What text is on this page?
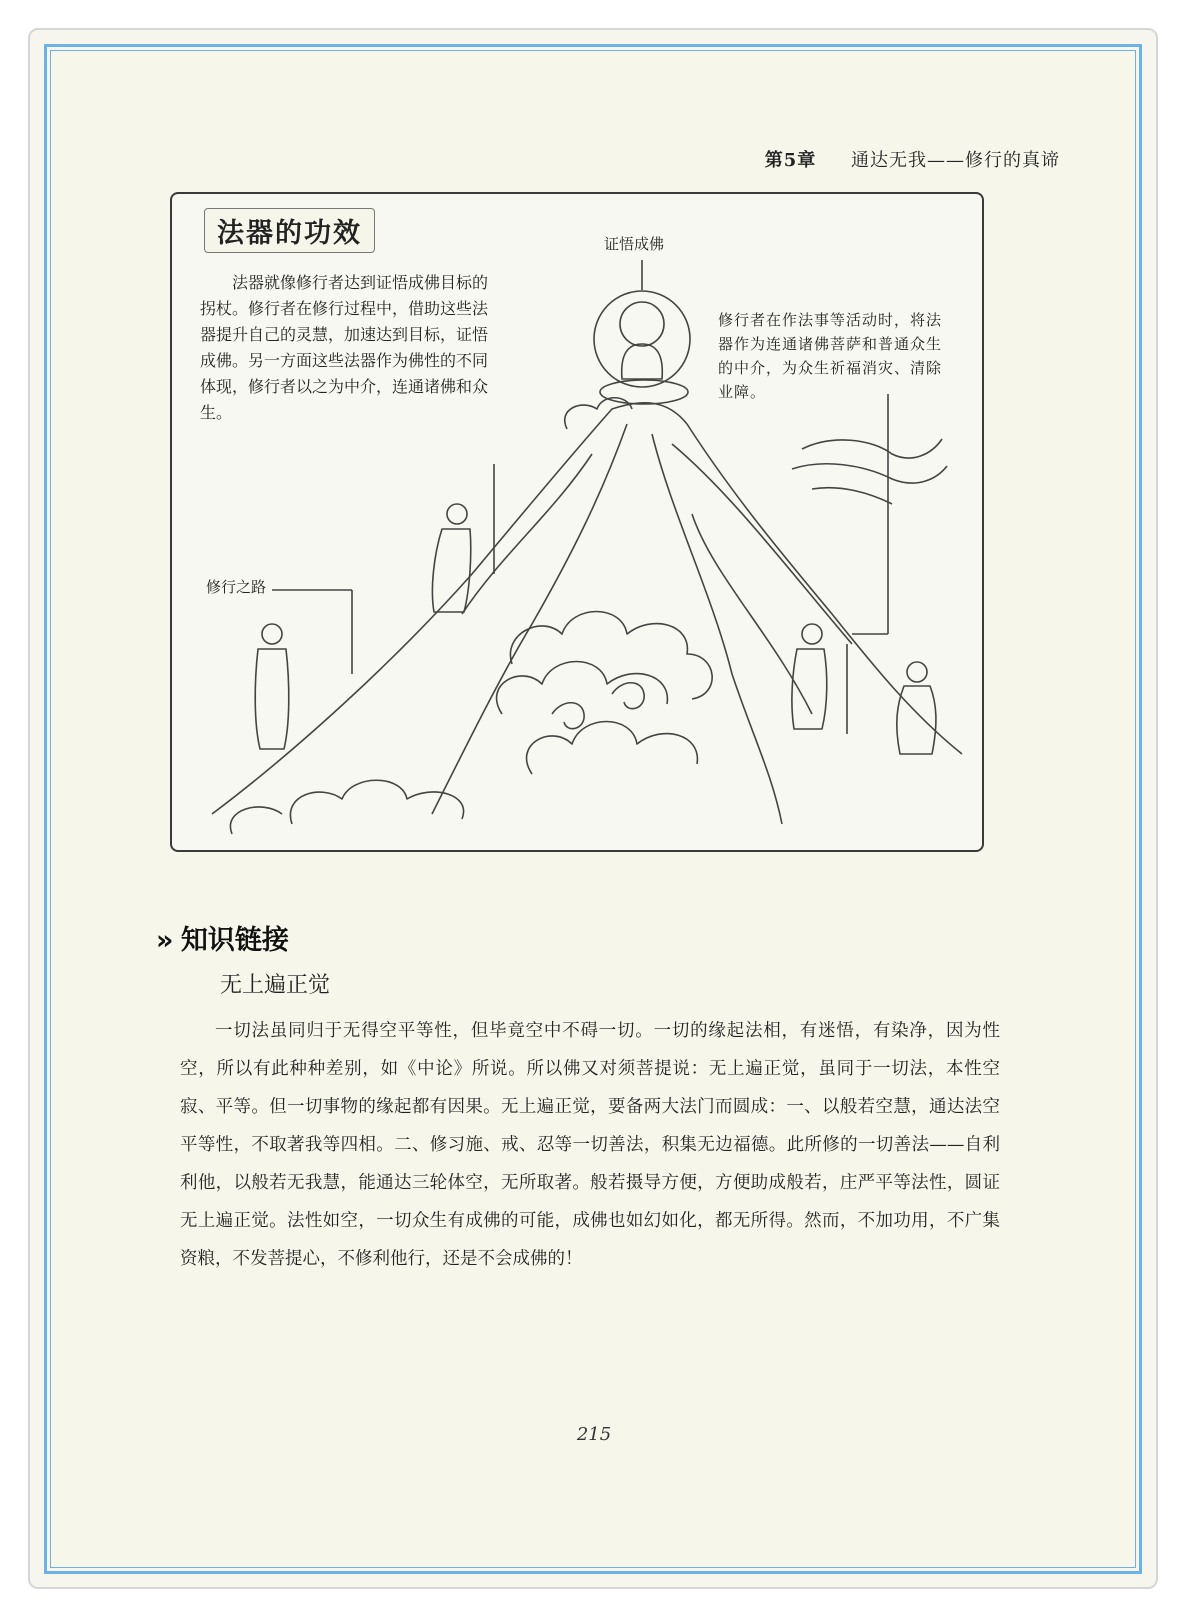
第5章 通达无我——修行的真谛
法器的功效
法器就像修行者达到证悟成佛目标的拐杖。修行者在修行过程中，借助这些法器提升自己的灵慧，加速达到目标，证悟成佛。另一方面这些法器作为佛性的不同体现，修行者以之为中介，连通诸佛和众生。
证悟成佛
修行者在作法事等活动时，将法器作为连通诸佛菩萨和普通众生的中介，为众生祈福消灾、清除业障。
修行之路
» 知识链接
无上遍正觉
一切法虽同归于无得空平等性，但毕竟空中不碍一切。一切的缘起法相，有迷悟，有染净，因为性空，所以有此种种差别，如《中论》所说。所以佛又对须菩提说：无上遍正觉，虽同于一切法，本性空寂、平等。但一切事物的缘起都有因果。无上遍正觉，要备两大法门而圆成：一、以般若空慧，通达法空平等性，不取著我等四相。二、修习施、戒、忍等一切善法，积集无边福德。此所修的一切善法——自利利他，以般若无我慧，能通达三轮体空，无所取著。般若摄导方便，方便助成般若，庄严平等法性，圆证无上遍正觉。法性如空，一切众生有成佛的可能，成佛也如幻如化，都无所得。然而，不加功用，不广集资粮，不发菩提心，不修利他行，还是不会成佛的！
215
